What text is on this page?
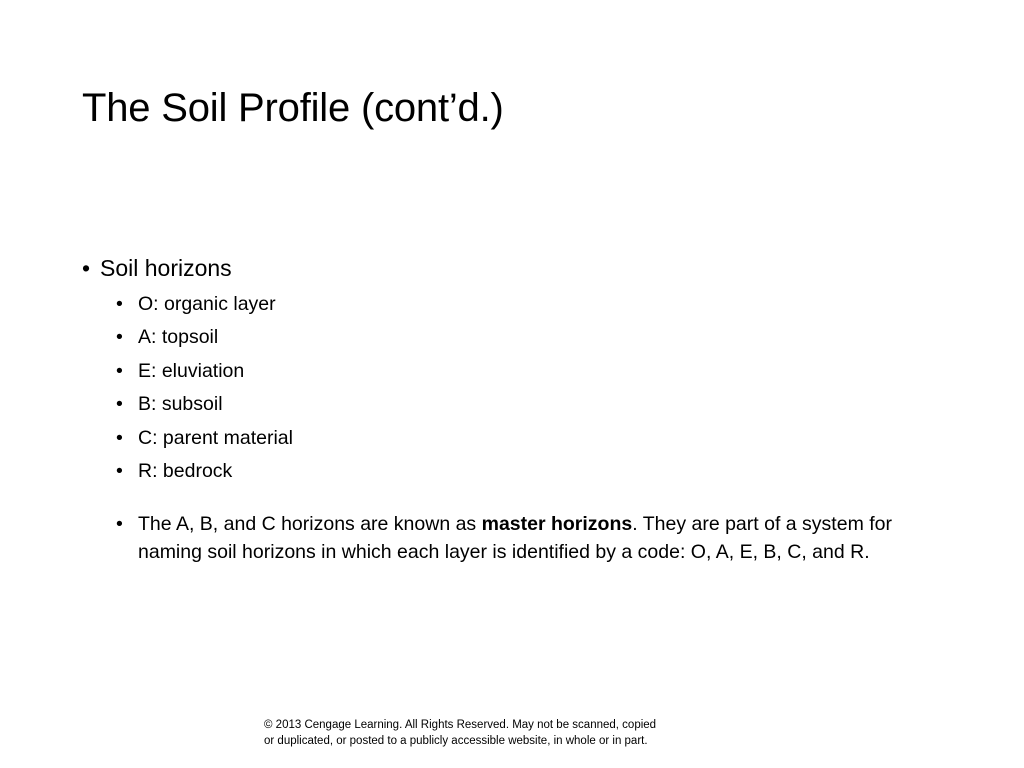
The Soil Profile (cont’d.)
• Soil horizons
• O: organic layer
• A: topsoil
• E: eluviation
• B: subsoil
• C: parent material
• R: bedrock
• The A, B, and C horizons are known as master horizons. They are part of a system for naming soil horizons in which each layer is identified by a code: O, A, E, B, C, and R.
© 2013 Cengage Learning. All Rights Reserved. May not be scanned, copied
or duplicated, or posted to a publicly accessible website, in whole or in part.
